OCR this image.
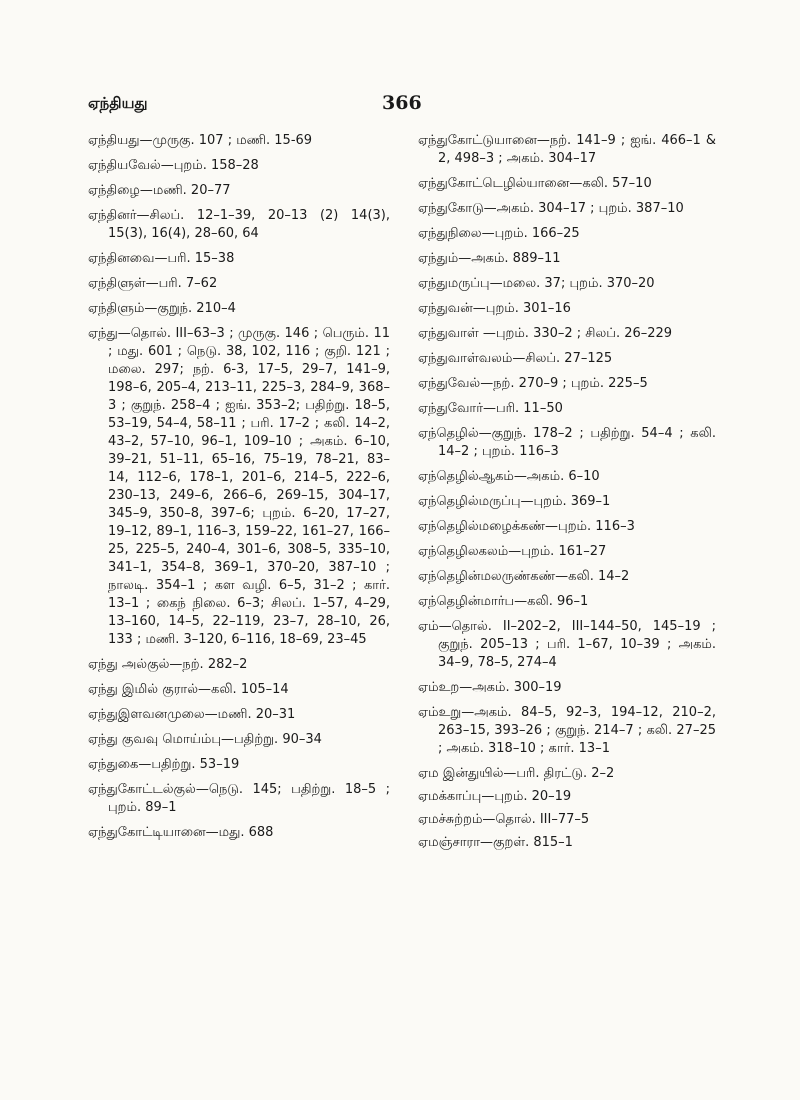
ஏந்தியது	366

ஏந்தியது—முருகு. 107 ; மணி. 15-69

ஏந்தியவேல்—புறம். 158–28

ஏந்திழை—மணி. 20–77

ஏந்தினர்—சிலப். 12–1–39, 20–13 (2) 14(3), 15(3), 16(4), 28–60, 64

ஏந்தினவை—பரி. 15–38

ஏந்திளுள்—பரி. 7–62

ஏந்திளும்—குறுந். 210–4

ஏந்து—தொல். III–63–3 ; முருகு. 146 ; பெரும். 11 ; மது. 601 ; நெடு. 38, 102, 116 ; குறி. 121 ; மலை. 297; நற். 6-3, 17–5, 29–7, 141–9, 198–6, 205–4, 213–11, 225–3, 284–9, 368–3 ; குறுந். 258–4 ; ஐங். 353–2; பதிற்று. 18–5, 53–19, 54–4, 58–11 ; பரி. 17–2 ; கலி. 14–2, 43–2, 57–10, 96–1, 109–10 ; அகம். 6–10, 39–21, 51–11, 65–16, 75–19, 78–21, 83–14, 112–6, 178–1, 201–6, 214–5, 222–6, 230–13, 249–6, 266–6, 269–15, 304–17, 345–9, 350–8, 397–6; புறம். 6–20, 17–27, 19–12, 89–1, 116–3, 159–22, 161–27, 166–25, 225–5, 240–4, 301–6, 308–5, 335–10, 341–1, 354–8, 369–1, 370–20, 387–10 ; நாலடி. 354–1 ; கள வழி. 6–5, 31–2 ; கார். 13–1 ; கைந் நிலை. 6–3; சிலப். 1–57, 4–29, 13–160, 14–5, 22–119, 23–7, 28–10, 26, 133 ; மணி. 3–120, 6–116, 18–69, 23–45

ஏந்து அல்குல்—நற். 282–2

ஏந்து இமில் குரால்—கலி. 105–14

ஏந்துஇளவனமுலை—மணி. 20–31

ஏந்து குவவு மொய்ம்பு—பதிற்று. 90–34

ஏந்துகை—பதிற்று. 53–19

ஏந்துகோட்டல்குல்—நெடு. 145; பதிற்று. 18–5 ; புறம். 89–1

ஏந்துகோட்டியானை—மது. 688

ஏந்துகோட்டுயானை—நற். 141–9 ; ஐங். 466–1 & 2, 498–3 ; அகம். 304–17

ஏந்துகோட்டெழில்யானை—கலி. 57–10

ஏந்துகோடு—அகம். 304–17 ; புறம். 387–10

ஏந்துநிலை—புறம். 166–25

ஏந்தும்—அகம். 889–11

ஏந்துமருப்பு—மலை. 37; புறம். 370–20

ஏந்துவன்—புறம். 301–16

ஏந்துவாள் —புறம். 330–2 ; சிலப். 26–229

ஏந்துவாள்வலம்—சிலப். 27–125

ஏந்துவேல்—நற். 270–9 ; புறம். 225–5

ஏந்துவோர்—பரி. 11–50

ஏந்தெழில்—குறுந். 178–2 ; பதிற்று. 54–4 ; கலி. 14–2 ; புறம். 116–3

ஏந்தெழில்ஆகம்—அகம். 6–10

ஏந்தெழில்மருப்பு—புறம். 369–1

ஏந்தெழில்மழைக்கண்—புறம். 116–3

ஏந்தெழிலகலம்—புறம். 161–27

ஏந்தெழின்மலருண்கண்—கலி. 14–2

ஏந்தெழின்மார்ப—கலி. 96–1

ஏம்—தொல். II–202–2, III–144–50, 145–19 ; குறுந். 205–13 ; பரி. 1–67, 10–39 ; அகம். 34–9, 78–5, 274–4

ஏம்உற—அகம். 300–19

ஏம்உறு—அகம். 84–5, 92–3, 194–12, 210–2, 263–15, 393–26 ; குறுந். 214–7 ; கலி. 27–25 ; அகம். 318–10 ; கார். 13–1

ஏம இன்துயில்—பரி. திரட்டு. 2–2

ஏமக்காப்பு—புறம். 20–19

ஏமச்சுற்றம்—தொல். III–77–5

ஏமஞ்சாரா—குறள். 815–1
